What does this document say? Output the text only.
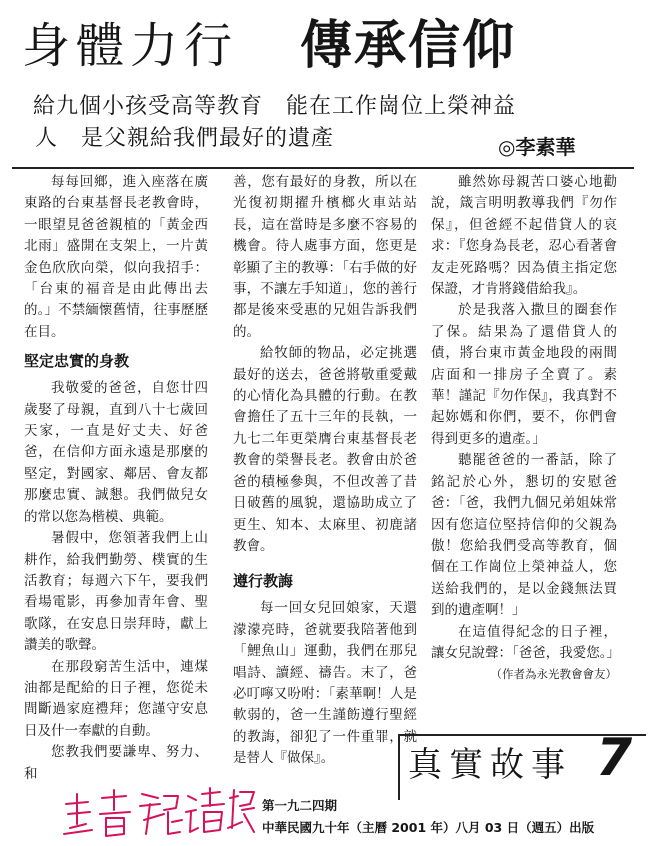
身體力行 傳承信仰
給九個小孩受高等教育　能在工作崗位上榮神益
人　是父親給我們最好的遺產	◎李素華

每每回鄉，進入座落在廣東路的台東基督長老教會時，一眼望見爸爸親植的「黃金西北雨」盛開在支架上，一片黃金色欣欣向榮，似向我招手：「台東的福音是由此傳出去的。」不禁緬懷舊情，往事歷歷在目。

堅定忠實的身教

我敬愛的爸爸，自您廿四歲娶了母親，直到八十七歲回天家，一直是好丈夫、好爸爸，在信仰方面永遠是那麼的堅定，對國家、鄰居、會友都那麼忠實、誠懇。我們做兒女的常以您為楷模、典範。

暑假中，您領著我們上山耕作，給我們勤勞、樸實的生活教育；每週六下午，要我們看場電影，再參加青年會、聖歌隊，在安息日崇拜時，獻上讚美的歌聲。

在那段窮苦生活中，連煤油都是配給的日子裡，您從未間斷過家庭禮拜；您謹守安息日及什一奉獻的自動。

您教我們要謙卑、努力、和

善，您有最好的身教，所以在光復初期擢升檳榔火車站站長，這在當時是多麼不容易的機會。待人處事方面，您更是彰顯了主的教導：「右手做的好事，不讓左手知道」，您的善行都是後來受惠的兄姐告訴我們的。

給牧師的物品，必定挑選最好的送去，爸爸將敬重愛戴的心情化為具體的行動。在教會擔任了五十三年的長執，一九七二年更榮膺台東基督長老教會的榮譽長老。教會由於爸爸的積極參與，不但改善了昔日破舊的風貌，還協助成立了更生、知本、太麻里、初鹿諸教會。

遵行教誨

每一回女兒回娘家，天還濛濛亮時，爸就要我陪著他到「鯉魚山」運動，我們在那兒唱詩、讀經、禱告。末了，爸必叮嚀又吩咐：「素華啊！人是軟弱的，爸一生謹飭遵行聖經的教誨，卻犯了一件重罪，就是替人『做保』。

雖然妳母親苦口婆心地勸說，箴言明明教導我們『勿作保』，但爸經不起借貸人的哀求：『您身為長老，忍心看著會友走死路嗎？因為債主指定您保證，才肯將錢借給我』。

於是我落入撒旦的圈套作了保。結果為了還借貸人的債，將台東市黃金地段的兩間店面和一排房子全賣了。素華！謹記『勿作保』，我真對不起妳媽和你們，要不，你們會得到更多的遺產。」

聽罷爸爸的一番話，除了銘記於心外，懇切的安慰爸爸：「爸，我們九個兄弟姐妹常因有您這位堅持信仰的父親為傲！您給我們受高等教育，個個在工作崗位上榮神益人，您送給我們的，是以金錢無法買到的遺產啊！」

在這值得紀念的日子裡，讓女兒說聲：「爸爸，我愛您。」

（作者為永光教會會友）

真實故事 7
第一九二四期
中華民國九十年（主曆 2001 年）八月 03 日（週五）出版
